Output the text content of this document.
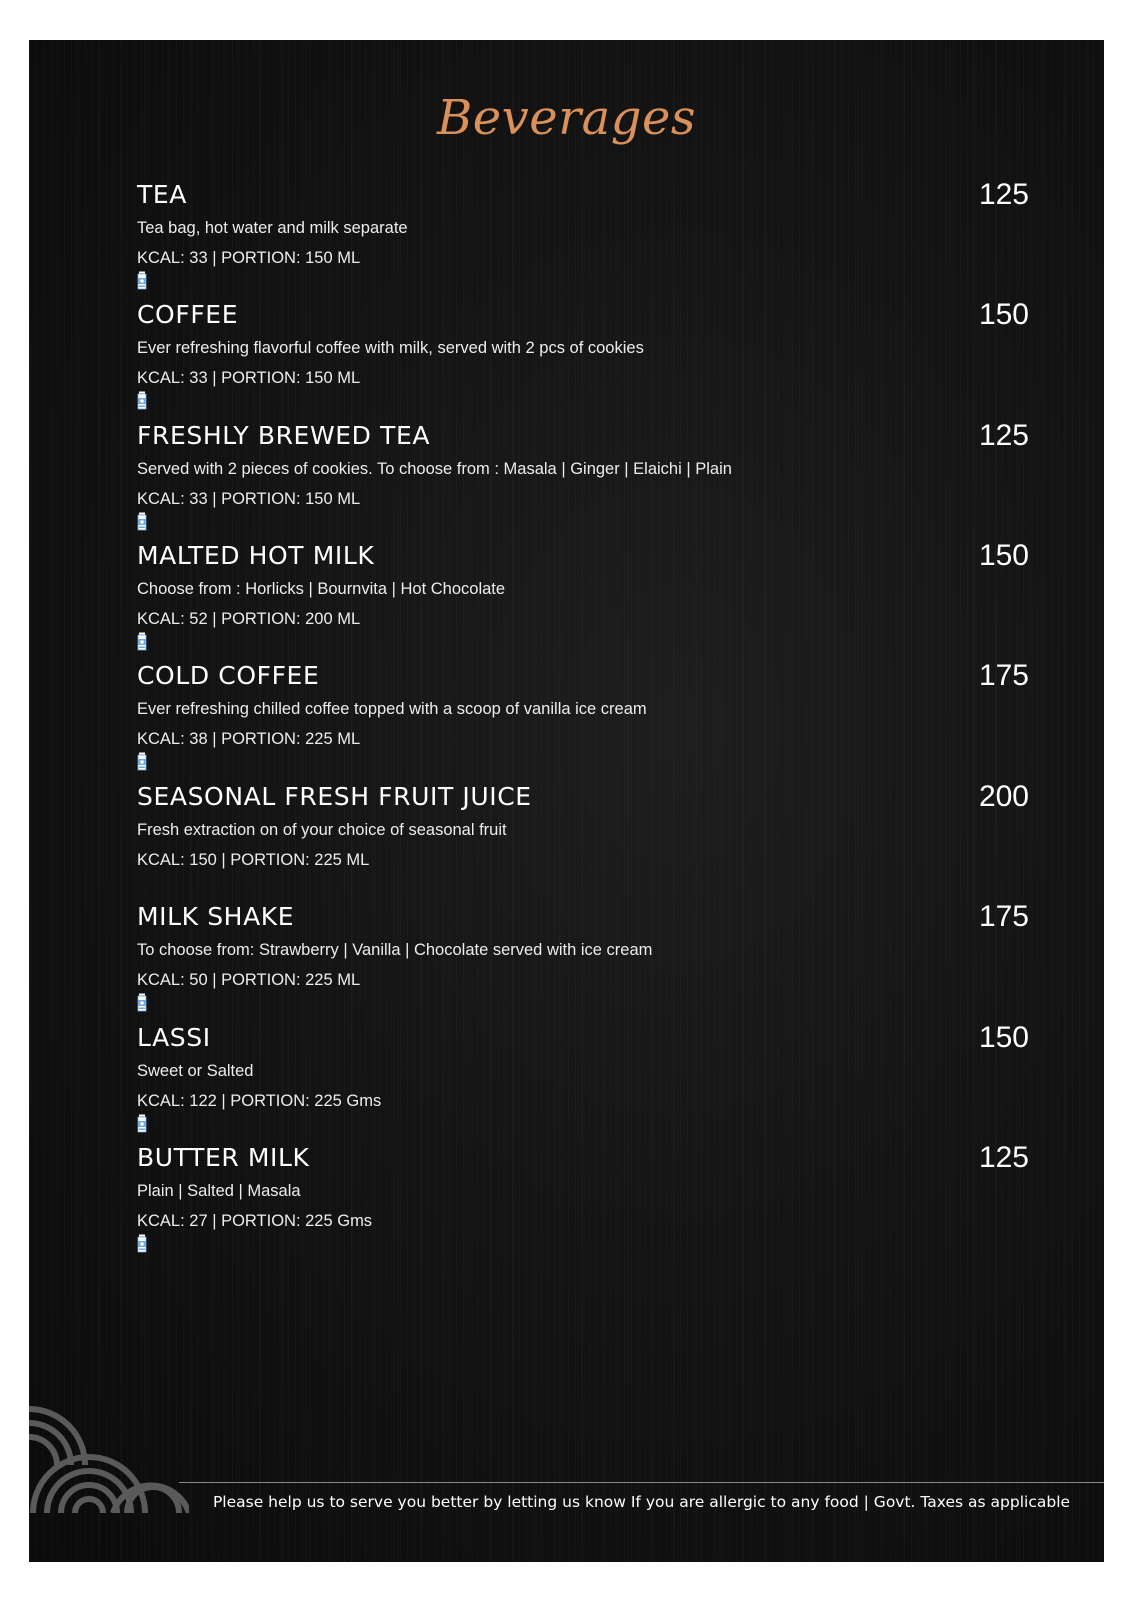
Beverages
TEA	125
Tea bag, hot water and milk separate
KCAL: 33 | PORTION: 150 ML
COFFEE	150
Ever refreshing flavorful coffee with milk, served with 2 pcs of cookies
KCAL: 33 | PORTION: 150 ML
FRESHLY BREWED TEA	125
Served with 2 pieces of cookies. To choose from : Masala | Ginger | Elaichi | Plain
KCAL: 33 | PORTION: 150 ML
MALTED HOT MILK	150
Choose from : Horlicks | Bournvita | Hot Chocolate
KCAL: 52 | PORTION: 200 ML
COLD COFFEE	175
Ever refreshing chilled coffee topped with a scoop of vanilla ice cream
KCAL: 38 | PORTION: 225 ML
SEASONAL FRESH FRUIT JUICE	200
Fresh extraction on of your choice of seasonal fruit
KCAL: 150 | PORTION: 225 ML
MILK SHAKE	175
To choose from: Strawberry | Vanilla | Chocolate served with ice cream
KCAL: 50 | PORTION: 225 ML
LASSI	150
Sweet or Salted
KCAL: 122 | PORTION: 225 Gms
BUTTER MILK	125
Plain | Salted | Masala
KCAL: 27 | PORTION: 225 Gms
Please help us to serve you better by letting us know If you are allergic to any food | Govt. Taxes as applicable
